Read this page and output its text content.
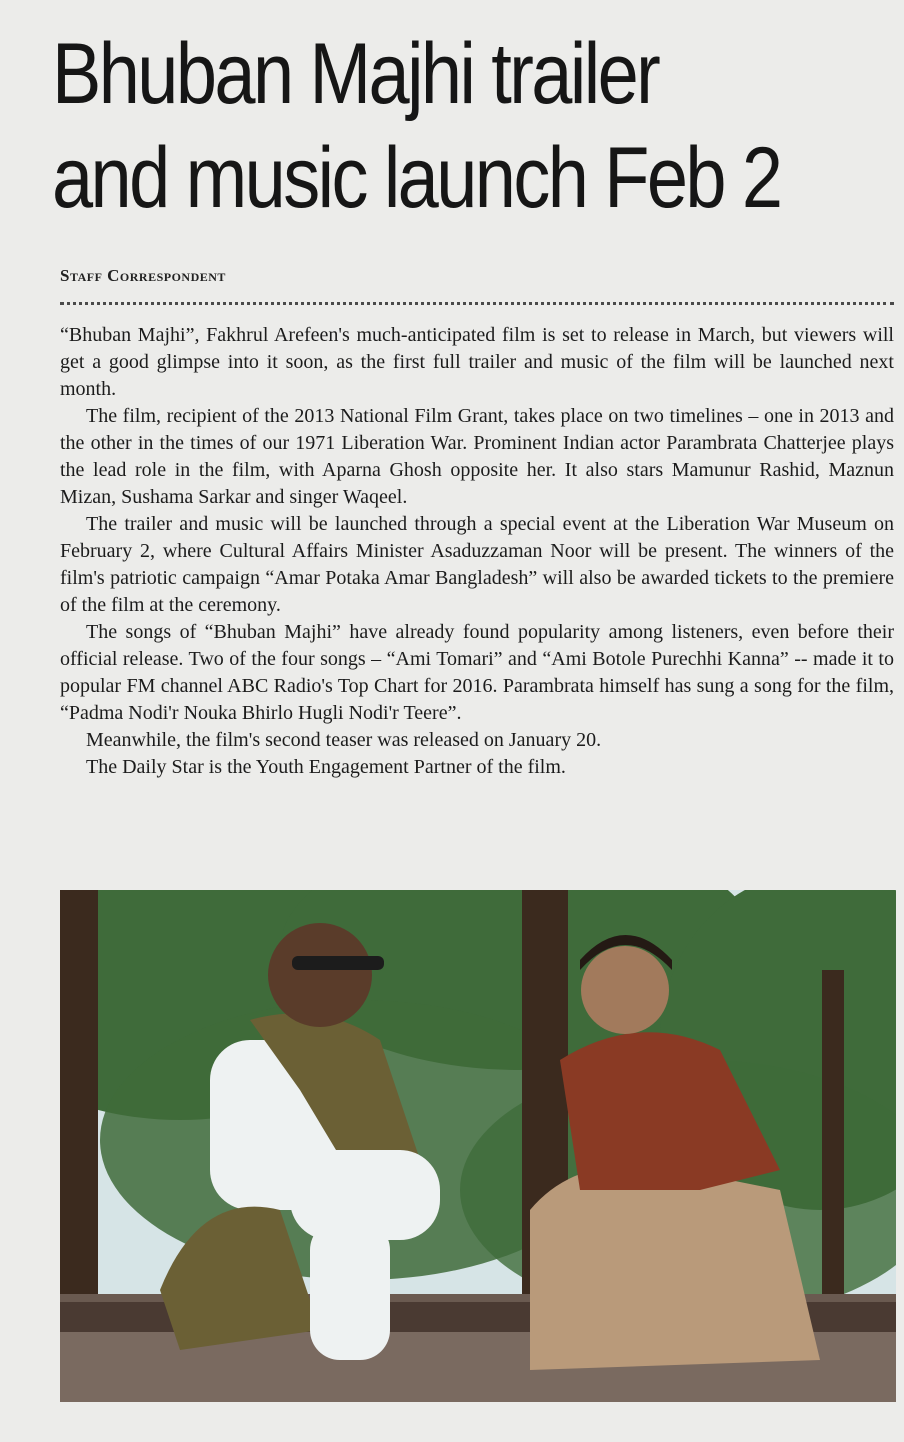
Bhuban Majhi trailer and music launch Feb 2
Staff Correspondent

“Bhuban Majhi”, Fakhrul Arefeen's much-anticipated film is set to release in March, but viewers will get a good glimpse into it soon, as the first full trailer and music of the film will be launched next month.

The film, recipient of the 2013 National Film Grant, takes place on two timelines – one in 2013 and the other in the times of our 1971 Liberation War. Prominent Indian actor Parambrata Chatterjee plays the lead role in the film, with Aparna Ghosh opposite her. It also stars Mamunur Rashid, Maznun Mizan, Sushama Sarkar and singer Waqeel.

The trailer and music will be launched through a special event at the Liberation War Museum on February 2, where Cultural Affairs Minister Asaduzzaman Noor will be present. The winners of the film's patriotic campaign “Amar Potaka Amar Bangladesh” will also be awarded tickets to the premiere of the film at the ceremony.

The songs of “Bhuban Majhi” have already found popularity among listeners, even before their official release. Two of the four songs – “Ami Tomari” and “Ami Botole Purechhi Kanna” -- made it to popular FM channel ABC Radio's Top Chart for 2016. Parambrata himself has sung a song for the film, “Padma Nodi'r Nouka Bhirlo Hugli Nodi'r Teere”.

Meanwhile, the film's second teaser was released on January 20.

The Daily Star is the Youth Engagement Partner of the film.
